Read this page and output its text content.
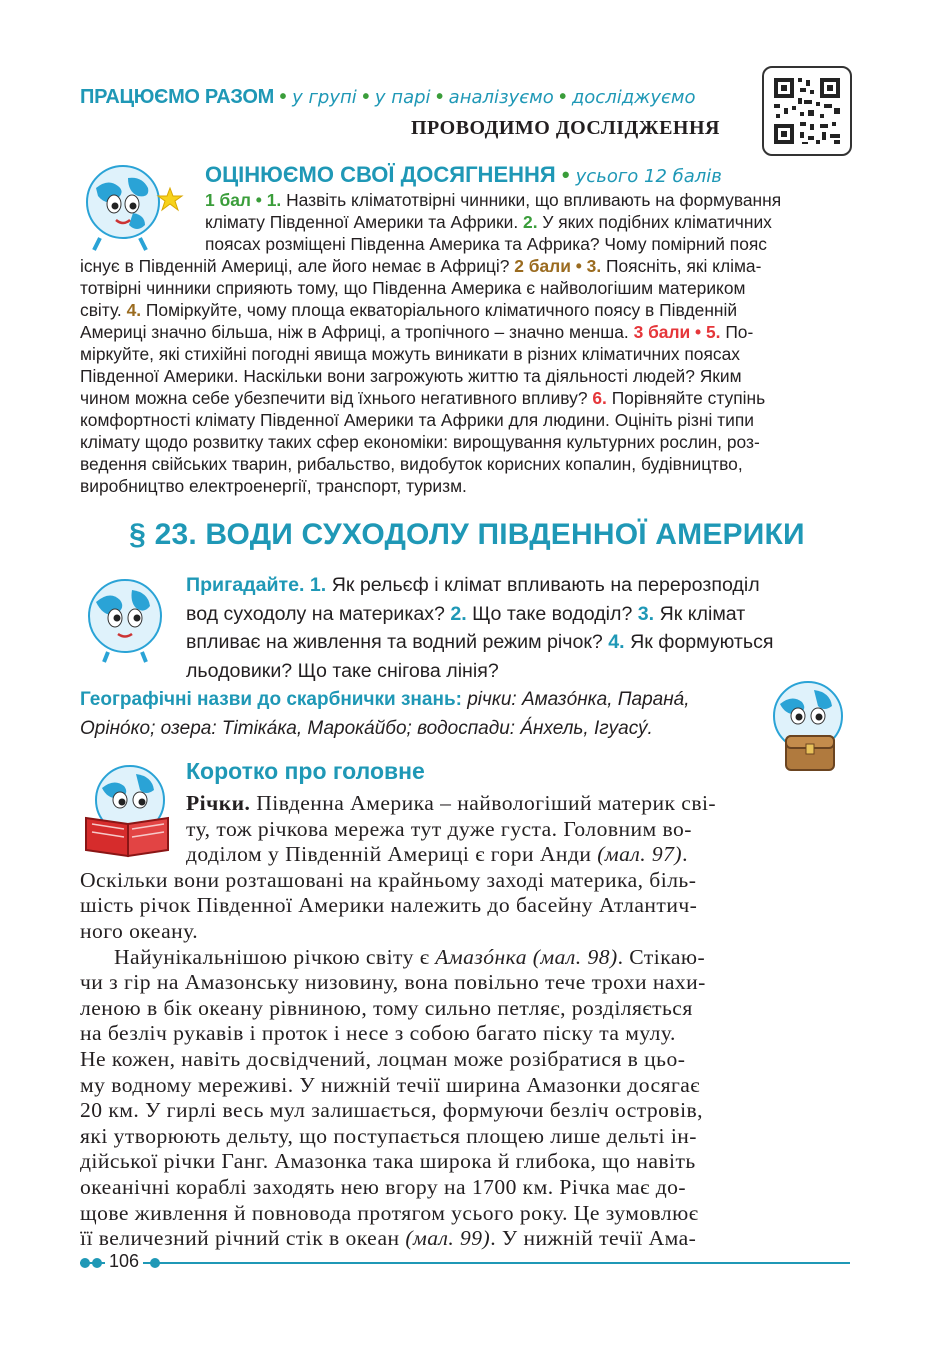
ПРАЦЮЄМО РАЗОМ • у групі • у парі • аналізуємо • досліджуємо
ПРОВОДИМО ДОСЛІДЖЕННЯ
ОЦІНЮЄМО СВОЇ ДОСЯГНЕННЯ • усього 12 балів
1 бал • 1. Назвіть кліматотвірні чинники, що впливають на формування
клімату Південної Америки та Африки. 2. У яких подібних кліматичних
поясах розміщені Південна Америка та Африка? Чому помірний пояс
існує в Південній Америці, але його немає в Африці? 2 бали • 3. Поясніть, які кліма-
тотвірні чинники сприяють тому, що Південна Америка є найвологішим материком
світу. 4. Поміркуйте, чому площа екваторіального кліматичного поясу в Південній
Америці значно більша, ніж в Африці, а тропічного – значно менша. 3 бали • 5. По-
міркуйте, які стихійні погодні явища можуть виникати в різних кліматичних поясах
Південної Америки. Наскільки вони загрожують життю та діяльності людей? Яким
чином можна себе убезпечити від їхнього негативного впливу? 6. Порівняйте ступінь
комфортності клімату Південної Америки та Африки для людини. Оцініть різні типи
клімату щодо розвитку таких сфер економіки: вирощування культурних рослин, роз-
ведення свійських тварин, рибальство, видобуток корисних копалин, будівництво,
виробництво електроенергії, транспорт, туризм.
§ 23. ВОДИ СУХОДОЛУ ПІВДЕННОЇ АМЕРИКИ
Пригадайте. 1. Як рельєф і клімат впливають на перерозподіл
вод суходолу на материках? 2. Що таке вододіл? 3. Як клімат
впливає на живлення та водний режим річок? 4. Як формуються
льодовики? Що таке снігова лінія?
Географічні назви до скарбнички знань: річки: Амазóнка, Паранá,
Оріно́ко; озера: Тітіка́ка, Марока́йбо; водоспади: А́нхель, Ігуасу́.
Коротко про головне
Річки. Південна Америка – найвологіший материк сві-
ту, тож річкова мережа тут дуже густа. Головним во-
доділом у Південній Америці є гори Анди (мал. 97).
Оскільки вони розташовані на крайньому заході материка, біль-
шість річок Південної Америки належить до басейну Атлантич-
ного океану.
Найунікальнішою річкою світу є Амазóнка (мал. 98). Стікаю-
чи з гір на Амазонську низовину, вона повільно тече трохи нахи-
леною в бік океану рівниною, тому сильно петляє, розділяється
на безліч рукавів і проток і несе з собою багато піску та мулу.
Не кожен, навіть досвідчений, лоцман може розібратися в цьо-
му водному мереживі. У нижній течії ширина Амазонки досягає
20 км. У гирлі весь мул залишається, формуючи безліч островів,
які утворюють дельту, що поступається площею лише дельті ін-
дійської річки Ганг. Амазонка така широка й глибока, що навіть
океанічні кораблі заходять нею вгору на 1700 км. Річка має до-
щове живлення й повновода протягом усього року. Це зумовлює
її величезний річний стік в океан (мал. 99). У нижній течії Ама-
106
